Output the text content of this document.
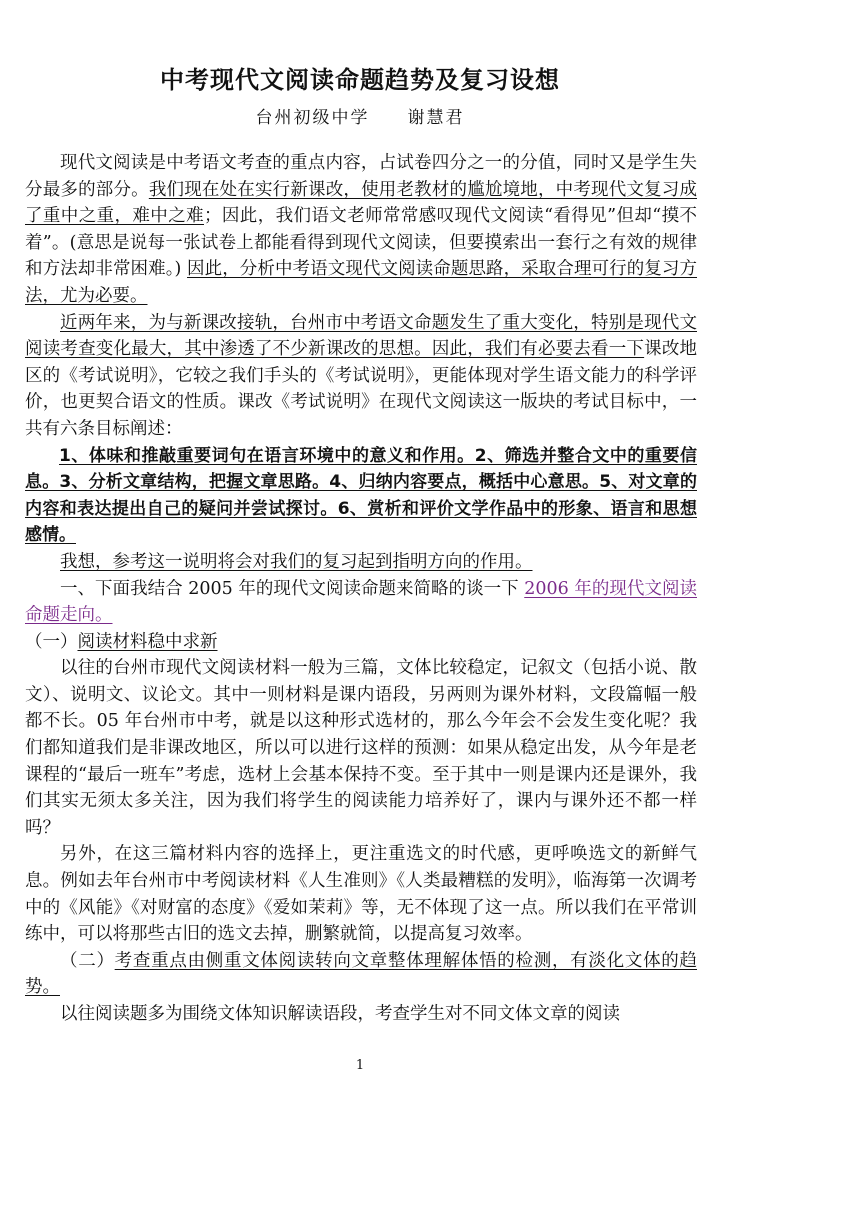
中考现代文阅读命题趋势及复习设想
台州初级中学　　谢慧君

现代文阅读是中考语文考查的重点内容，占试卷四分之一的分值，同时又是学生失分最多的部分。我们现在处在实行新课改，使用老教材的尴尬境地，中考现代文复习成了重中之重，难中之难；因此，我们语文老师常常感叹现代文阅读“看得见”但却“摸不着”。(意思是说每一张试卷上都能看得到现代文阅读，但要摸索出一套行之有效的规律和方法却非常困难。) 因此，分析中考语文现代文阅读命题思路，采取合理可行的复习方法，尤为必要。

近两年来，为与新课改接轨，台州市中考语文命题发生了重大变化，特别是现代文阅读考查变化最大，其中渗透了不少新课改的思想。因此，我们有必要去看一下课改地区的《考试说明》，它较之我们手头的《考试说明》，更能体现对学生语文能力的科学评价，也更契合语文的性质。课改《考试说明》在现代文阅读这一版块的考试目标中，一共有六条目标阐述：

1、体味和推敲重要词句在语言环境中的意义和作用。2、筛选并整合文中的重要信息。3、分析文章结构，把握文章思路。4、归纳内容要点，概括中心意思。5、对文章的内容和表达提出自己的疑问并尝试探讨。6、赏析和评价文学作品中的形象、语言和思想感情。

我想，参考这一说明将会对我们的复习起到指明方向的作用。

一、下面我结合 2005 年的现代文阅读命题来简略的谈一下 2006 年的现代文阅读命题走向。

（一）阅读材料稳中求新

以往的台州市现代文阅读材料一般为三篇，文体比较稳定，记叙文（包括小说、散文）、说明文、议论文。其中一则材料是课内语段，另两则为课外材料，文段篇幅一般都不长。05 年台州市中考，就是以这种形式选材的，那么今年会不会发生变化呢？我们都知道我们是非课改地区，所以可以进行这样的预测：如果从稳定出发，从今年是老课程的“最后一班车”考虑，选材上会基本保持不变。至于其中一则是课内还是课外，我们其实无须太多关注，因为我们将学生的阅读能力培养好了，课内与课外还不都一样吗？

另外，在这三篇材料内容的选择上，更注重选文的时代感，更呼唤选文的新鲜气息。例如去年台州市中考阅读材料《人生准则》《人类最糟糕的发明》，临海第一次调考中的《风能》《对财富的态度》《爱如茉莉》等，无不体现了这一点。所以我们在平常训练中，可以将那些古旧的选文去掉，删繁就简，以提高复习效率。

（二）考查重点由侧重文体阅读转向文章整体理解体悟的检测，有淡化文体的趋势。

以往阅读题多为围绕文体知识解读语段，考查学生对不同文体文章的阅读

1
